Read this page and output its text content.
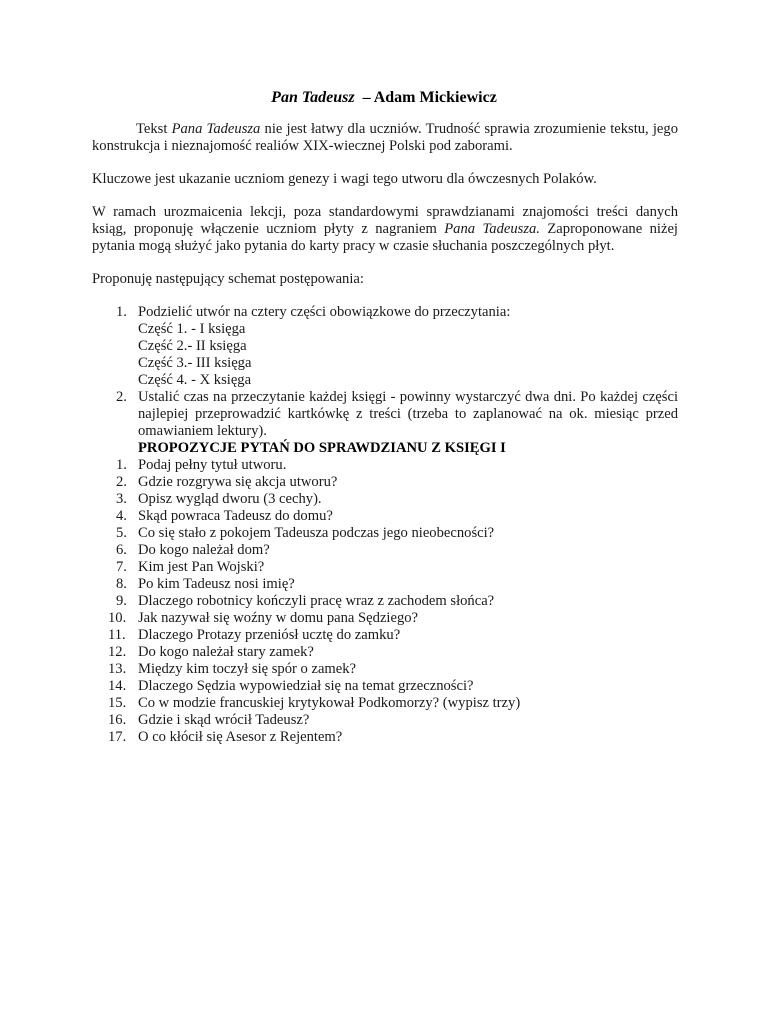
Pan Tadeusz – Adam Mickiewicz

Tekst Pana Tadeusza nie jest łatwy dla uczniów. Trudność sprawia zrozumienie tekstu, jego konstrukcja i nieznajomość realiów XIX-wiecznej Polski pod zaborami.

Kluczowe jest ukazanie uczniom genezy i wagi tego utworu dla ówczesnych Polaków.

W ramach urozmaicenia lekcji, poza standardowymi sprawdzianami znajomości treści danych ksiąg, proponuję włączenie uczniom płyty z nagraniem Pana Tadeusza. Zaproponowane niżej pytania mogą służyć jako pytania do karty pracy w czasie słuchania poszczególnych płyt.

Proponuję następujący schemat postępowania:

1. Podzielić utwór na cztery części obowiązkowe do przeczytania:
Część 1. - I księga
Część 2.- II księga
Część 3.- III księga
Część 4. - X księga
2. Ustalić czas na przeczytanie każdej księgi - powinny wystarczyć dwa dni. Po każdej części najlepiej przeprowadzić kartkówkę z treści (trzeba to zaplanować na ok. miesiąc przed omawianiem lektury).
PROPOZYCJE PYTAŃ DO SPRAWDZIANU Z KSIĘGI I
1. Podaj pełny tytuł utworu.
2. Gdzie rozgrywa się akcja utworu?
3. Opisz wygląd dworu (3 cechy).
4. Skąd powraca Tadeusz do domu?
5. Co się stało z pokojem Tadeusza podczas jego nieobecności?
6. Do kogo należał dom?
7. Kim jest Pan Wojski?
8. Po kim Tadeusz nosi imię?
9. Dlaczego robotnicy kończyli pracę wraz z zachodem słońca?
10. Jak nazywał się woźny w domu pana Sędziego?
11. Dlaczego Protazy przeniósł ucztę do zamku?
12. Do kogo należał stary zamek?
13. Między kim toczył się spór o zamek?
14. Dlaczego Sędzia wypowiedział się na temat grzeczności?
15. Co w modzie francuskiej krytykował Podkomorzy? (wypisz trzy)
16. Gdzie i skąd wrócił Tadeusz?
17. O co kłócił się Asesor z Rejentem?
